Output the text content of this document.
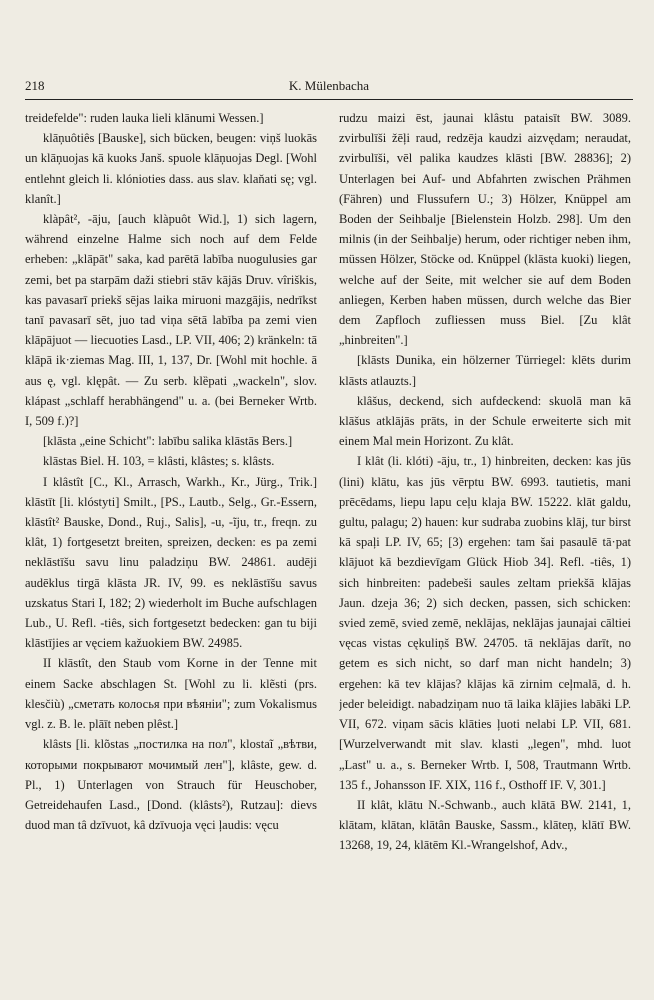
218	K. Mülenbacha

treidefelde": ruden lauka lieli klānumi Wessen.]

klāņuôtiês [Bauske], sich bücken, beugen: viņš luokās un klāņuojas kā kuoks Janš. spuole klāņuojas Degl. [Wohl entlehnt gleich li. klónioties dass. aus slav. klaňati sę; vgl. klanît.]

klàpât², -āju, [auch klàpuôt Wid.], 1) sich lagern, während einzelne Halme sich noch auf dem Felde erheben: „klāpāt" saka, kad parētā labība nuogulusies gar zemi, bet pa starpām daži stiebri stāv kājās Druv. vîriškis, kas pavasarī priekš sējas laika miruoni mazgājis, nedrīkst tanī pavasarī sēt, juo tad viņa sētā labība pa zemi vien klāpājuot — liecuoties Lasd., LP. VII, 406; 2) kränkeln: tā klāpā ik·ziemas Mag. III, 1, 137, Dr. [Wohl mit hochle. ā aus ę, vgl. klępât. — Zu serb. klȅpati „wackeln", slov. klápast „schlaff herabhängend" u. a. (bei Berneker Wrtb. I, 509 f.)?]

[klāsta „eine Schicht": labību salika klāstās Bers.]

klāstas Biel. H. 103, = klâsti, klâstes; s. klâsts.

I klâstît [C., Kl., Arrasch, Warkh., Kr., Jürg., Trik.] klāstīt [li. klóstyti] Smilt., [PS., Lautb., Selg., Gr.-Essern, klāstît² Bauske, Dond., Ruj., Salis], -u, -ĩju, tr., freqn. zu klât, 1) fortgesetzt breiten, spreizen, decken: es pa zemi neklāstīšu savu linu paladziņu BW. 24861. audēji audēklus tirgā klāsta JR. IV, 99. es neklāstīšu savus uzskatus Stari I, 182; 2) wiederholt im Buche aufschlagen Lub., U. Refl. -tiês, sich fortgesetzt bedecken: gan tu biji klāstījies ar vęciem kažuokiem BW. 24985.

II klāstît, den Staub vom Korne in der Tenne mit einem Sacke abschlagen St. [Wohl zu li. klẽsti (prs. klesčiù) „сметать колосья при вѣяніи"; zum Vokalismus vgl. z. B. le. plāīt neben plêst.]

klâsts [li. klõstas „постилка на пол", klostaĩ „вѣтви, которыми покрывают мочимый лен"], klâste, gew. d. Pl., 1) Unterlagen von Strauch für Heuschober, Getreidehaufen Lasd., [Dond. (klâsts²), Rutzau]: dievs duod man tâ dzīvuot, kâ dzīvuoja vęci ļaudis: vęcu

rudzu maizi ēst, jaunai klâstu pataisīt BW. 3089. zvirbulīši žēļi raud, redzēja kaudzi aizvędam; neraudat, zvirbulīši, vēl palika kaudzes klāsti [BW. 28836]; 2) Unterlagen bei Auf- und Abfahrten zwischen Prähmen (Fähren) und Flussufern U.; 3) Hölzer, Knüppel am Boden der Seihbalje [Bielenstein Holzb. 298]. Um den milnis (in der Seihbalje) herum, oder richtiger neben ihm, müssen Hölzer, Stöcke od. Knüppel (klāsta kuoki) liegen, welche auf der Seite, mit welcher sie auf dem Boden anliegen, Kerben haben müssen, durch welche das Bier dem Zapfloch zufliessen muss Biel. [Zu klât „hinbreiten".]

[klāsts Dunika, ein hölzerner Türriegel: klēts durim klāsts atlauzts.]

klâšus, deckend, sich aufdeckend: skuolā man kā klāšus atklājās prāts, in der Schule erweiterte sich mit einem Mal mein Horizont. Zu klât.

I klât (li. klóti) -āju, tr., 1) hinbreiten, decken: kas jūs (lini) klātu, kas jūs vērptu BW. 6993. tautietis, mani prēcēdams, liepu lapu ceļu klaja BW. 15222. klāt galdu, gultu, palagu; 2) hauen: kur sudraba zuobins klāj, tur birst kā spaļi LP. IV, 65; [3) ergehen: tam šai pasaulē tā·pat klājuot kā bezdievīgam Glück Hiob 34]. Refl. -tiês, 1) sich hinbreiten: padebeši saules zeltam priekšā klājas Jaun. dzeja 36; 2) sich decken, passen, sich schicken: svied zemē, svied zemē, neklājas, neklājas jaunajai cāltiei vęcas vistas cękuliņš BW. 24705. tā neklājas darīt, no getem es sich nicht, so darf man nicht handeln; 3) ergehen: kā tev klājas? klājas kā zirnim ceļmalā, d. h. jeder beleidigt. nabadziņam nuo tā laika klājies labāki LP. VII, 672. viņam sācis klāties ļuoti nelabi LP. VII, 681. [Wurzelverwandt mit slav. klasti „legen", mhd. luot „Last" u. a., s. Berneker Wrtb. I, 508, Trautmann Wrtb. 135 f., Johansson IF. XIX, 116 f., Osthoff IF. V, 301.]

II klât, klātu N.-Schwanb., auch klātā BW. 2141, 1, klātam, klātan, klātân Bauske, Sassm., klāteņ, klātī BW. 13268, 19, 24, klātēm Kl.-Wrangelshof, Adv.,
